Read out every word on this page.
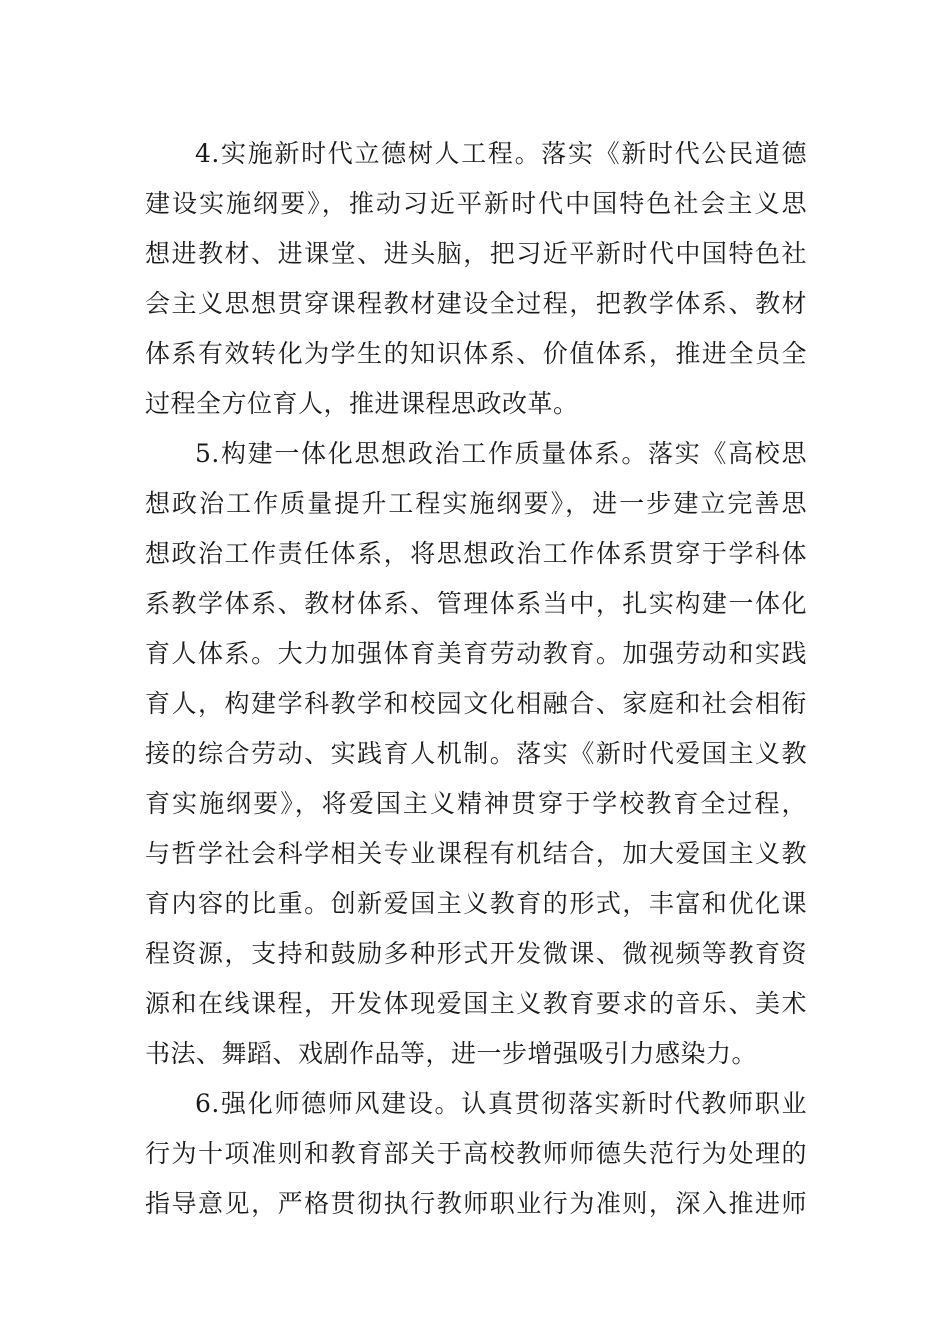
4.实施新时代立德树人工程。落实《新时代公民道德
建设实施纲要》，推动习近平新时代中国特色社会主义思
想进教材、进课堂、进头脑，把习近平新时代中国特色社
会主义思想贯穿课程教材建设全过程，把教学体系、教材
体系有效转化为学生的知识体系、价值体系，推进全员全
过程全方位育人，推进课程思政改革。
5.构建一体化思想政治工作质量体系。落实《高校思
想政治工作质量提升工程实施纲要》，进一步建立完善思
想政治工作责任体系，将思想政治工作体系贯穿于学科体
系教学体系、教材体系、管理体系当中，扎实构建一体化
育人体系。大力加强体育美育劳动教育。加强劳动和实践
育人，构建学科教学和校园文化相融合、家庭和社会相衔
接的综合劳动、实践育人机制。落实《新时代爱国主义教
育实施纲要》，将爱国主义精神贯穿于学校教育全过程，
与哲学社会科学相关专业课程有机结合，加大爱国主义教
育内容的比重。创新爱国主义教育的形式，丰富和优化课
程资源，支持和鼓励多种形式开发微课、微视频等教育资
源和在线课程，开发体现爱国主义教育要求的音乐、美术
书法、舞蹈、戏剧作品等，进一步增强吸引力感染力。
6.强化师德师风建设。认真贯彻落实新时代教师职业
行为十项准则和教育部关于高校教师师德失范行为处理的
指导意见，严格贯彻执行教师职业行为准则，深入推进师
